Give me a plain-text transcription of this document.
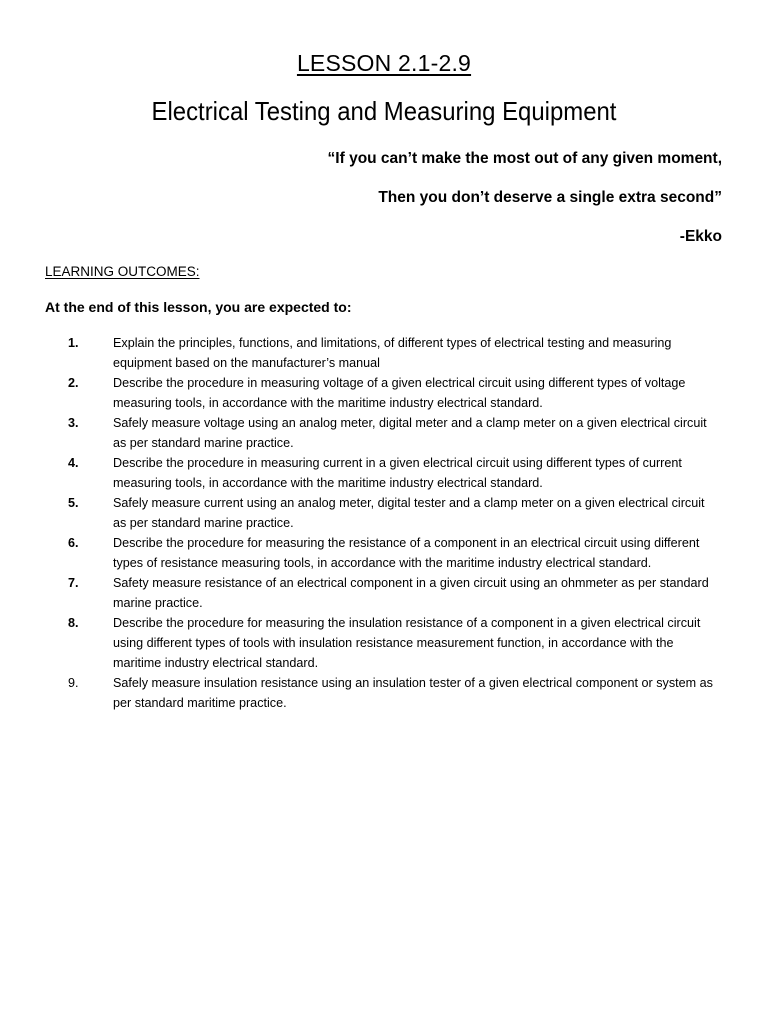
LESSON 2.1-2.9
Electrical Testing and Measuring Equipment
“If you can’t make the most out of any given moment,
Then you don’t deserve a single extra second”
-Ekko
LEARNING OUTCOMES:
At the end of this lesson, you are expected to:
1.	Explain the principles, functions, and limitations, of different types of electrical testing and measuring equipment based on the manufacturer’s manual
2.	Describe the procedure in measuring voltage of a given electrical circuit using different types of voltage measuring tools, in accordance with the maritime industry electrical standard.
3.	Safely measure voltage using an analog meter, digital meter and a clamp meter on a given electrical circuit as per standard marine practice.
4.	Describe the procedure in measuring current in a given electrical circuit using different types of current measuring tools, in accordance with the maritime industry electrical standard.
5.	Safely measure current using an analog meter, digital tester and a clamp meter on a given electrical circuit as per standard marine practice.
6.	Describe the procedure for measuring the resistance of a component in an electrical circuit using different types of resistance measuring tools, in accordance with the maritime industry electrical standard.
7.	Safety measure resistance of an electrical component in a given circuit using an ohmmeter as per standard marine practice.
8.	Describe the procedure for measuring the insulation resistance of a component in a given electrical circuit using different types of tools with insulation resistance measurement function, in accordance with the maritime industry electrical standard.
9.	Safely measure insulation resistance using an insulation tester of a given electrical component or system as per standard maritime practice.
